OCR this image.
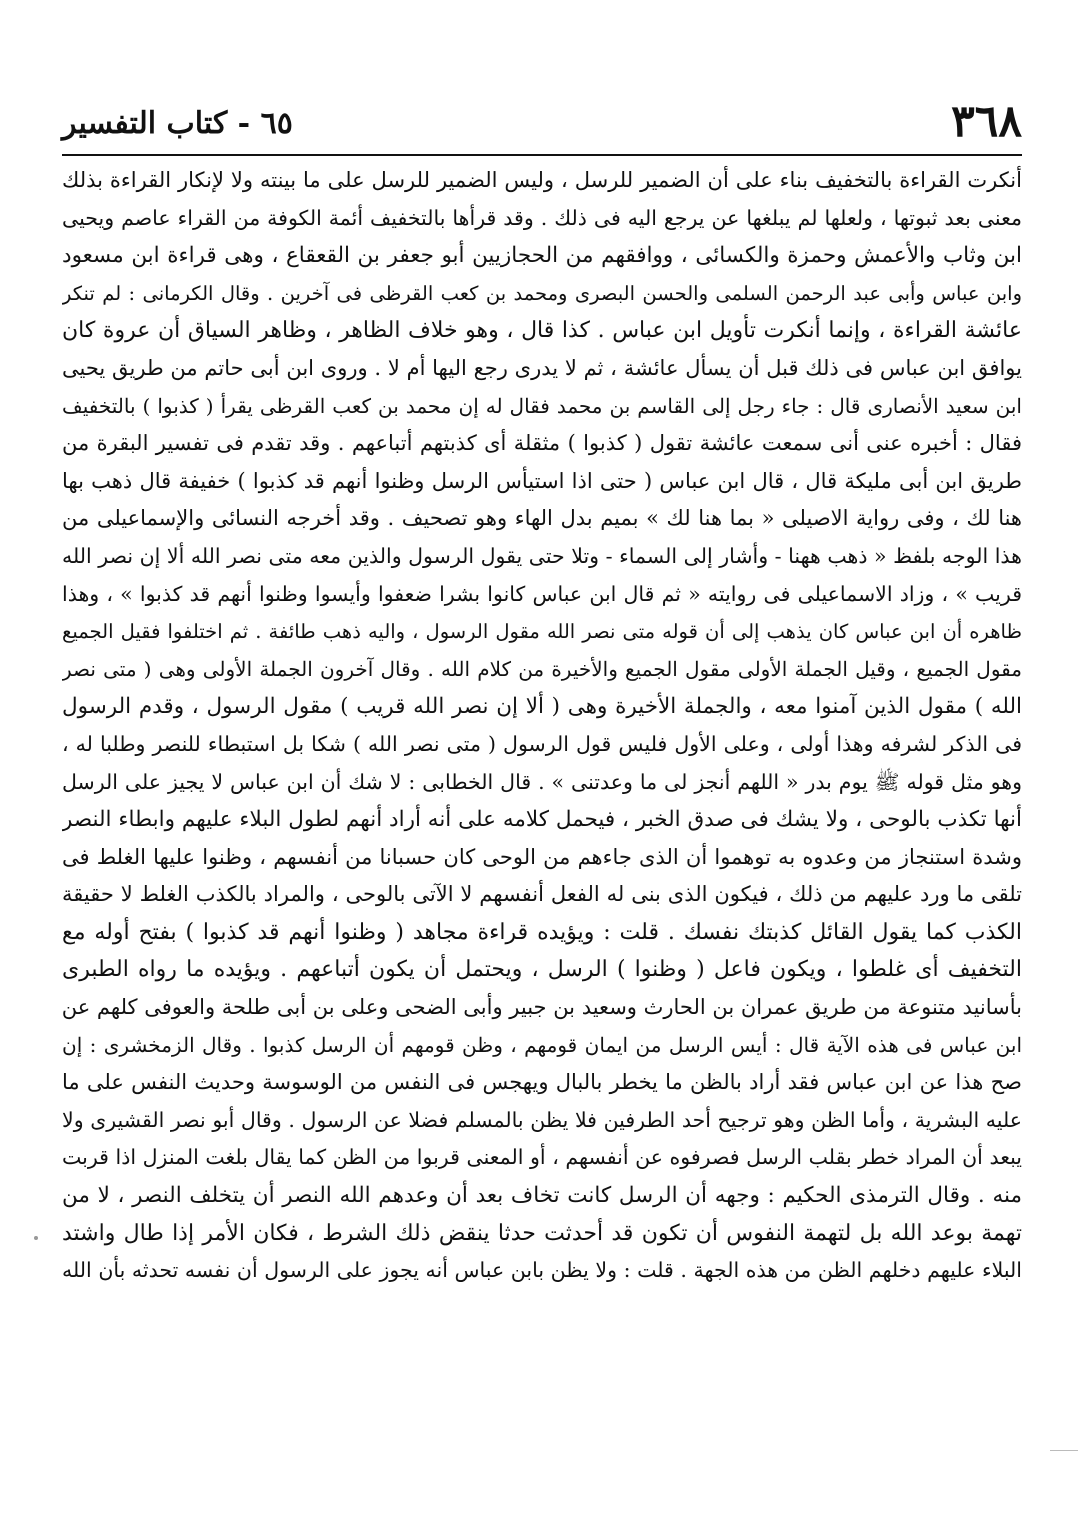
٣٦٨
٦٥ - كتاب التفسير
أنكرت القراءة بالتخفيف بناء على أن الضمير للرسل ، وليس الضمير للرسل على ما بينته ولا لإنكار القراءة بذلك
معنى بعد ثبوتها ، ولعلها لم يبلغها عن يرجع اليه فى ذلك . وقد قرأها بالتخفيف أئمة الكوفة من القراء عاصم ويحيى
ابن وثاب والأعمش وحمزة والكسائى ، ووافقهم من الحجازيين أبو جعفر بن القعقاع ، وهى قراءة ابن مسعود
وابن عباس وأبى عبد الرحمن السلمى والحسن البصرى ومحمد بن كعب القرظى فى آخرين . وقال الكرمانى : لم تنكر
عائشة القراءة ، وإنما أنكرت تأويل ابن عباس . كذا قال ، وهو خلاف الظاهر ، وظاهر السياق أن عروة كان
يوافق ابن عباس فى ذلك قبل أن يسأل عائشة ، ثم لا يدرى رجع اليها أم لا . وروى ابن أبى حاتم من طريق يحيى
ابن سعيد الأنصارى قال : جاء رجل إلى القاسم بن محمد فقال له إن محمد بن كعب القرظى يقرأ ( كذبوا ) بالتخفيف
فقال : أخبره عنى أنى سمعت عائشة تقول ( كذبوا ) مثقلة أى كذبتهم أتباعهم . وقد تقدم فى تفسير البقرة من
طريق ابن أبى مليكة قال ، قال ابن عباس ( حتى اذا استيأس الرسل وظنوا أنهم قد كذبوا ) خفيفة قال ذهب بها
هنا لك ، وفى رواية الاصيلى « بما هنا لك » بميم بدل الهاء وهو تصحيف . وقد أخرجه النسائى والإسماعيلى من
هذا الوجه بلفظ « ذهب ههنا - وأشار إلى السماء - وتلا حتى يقول الرسول والذين معه متى نصر الله ألا إن نصر الله
قريب » ، وزاد الاسماعيلى فى روايته « ثم قال ابن عباس كانوا بشرا ضعفوا وأيسوا وظنوا أنهم قد كذبوا » ، وهذا
ظاهره أن ابن عباس كان يذهب إلى أن قوله متى نصر الله مقول الرسول ، واليه ذهب طائفة . ثم اختلفوا فقيل الجميع
مقول الجميع ، وقيل الجملة الأولى مقول الجميع والأخيرة من كلام الله . وقال آخرون الجملة الأولى وهى ( متى نصر
الله ) مقول الذين آمنوا معه ، والجملة الأخيرة وهى ( ألا إن نصر الله قريب ) مقول الرسول ، وقدم الرسول
فى الذكر لشرفه وهذا أولى ، وعلى الأول فليس قول الرسول ( متى نصر الله ) شكا بل استبطاء للنصر وطلبا له ،
وهو مثل قوله ﷺ يوم بدر « اللهم أنجز لى ما وعدتنى » . قال الخطابى : لا شك أن ابن عباس لا يجيز على الرسل
أنها تكذب بالوحى ، ولا يشك فى صدق الخبر ، فيحمل كلامه على أنه أراد أنهم لطول البلاء عليهم وابطاء النصر
وشدة استنجاز من وعدوه به توهموا أن الذى جاءهم من الوحى كان حسبانا من أنفسهم ، وظنوا عليها الغلط فى
تلقى ما ورد عليهم من ذلك ، فيكون الذى بنى له الفعل أنفسهم لا الآتى بالوحى ، والمراد بالكذب الغلط لا حقيقة
الكذب كما يقول القائل كذبتك نفسك . قلت : ويؤيده قراءة مجاهد ( وظنوا أنهم قد كذبوا ) بفتح أوله مع
التخفيف أى غلطوا ، ويكون فاعل ( وظنوا ) الرسل ، ويحتمل أن يكون أتباعهم . ويؤيده ما رواه الطبرى
بأسانيد متنوعة من طريق عمران بن الحارث وسعيد بن جبير وأبى الضحى وعلى بن أبى طلحة والعوفى كلهم عن
ابن عباس فى هذه الآية قال : أيس الرسل من ايمان قومهم ، وظن قومهم أن الرسل كذبوا . وقال الزمخشرى : إن
صح هذا عن ابن عباس فقد أراد بالظن ما يخطر بالبال ويهجس فى النفس من الوسوسة وحديث النفس على ما
عليه البشرية ، وأما الظن وهو ترجيح أحد الطرفين فلا يظن بالمسلم فضلا عن الرسول . وقال أبو نصر القشيرى ولا
يبعد أن المراد خطر بقلب الرسل فصرفوه عن أنفسهم ، أو المعنى قربوا من الظن كما يقال بلغت المنزل اذا قربت
منه . وقال الترمذى الحكيم : وجهه أن الرسل كانت تخاف بعد أن وعدهم الله النصر أن يتخلف النصر ، لا من
تهمة بوعد الله بل لتهمة النفوس أن تكون قد أحدثت حدثا ينقض ذلك الشرط ، فكان الأمر إذا طال واشتد
البلاء عليهم دخلهم الظن من هذه الجهة . قلت : ولا يظن بابن عباس أنه يجوز على الرسول أن نفسه تحدثه بأن الله
